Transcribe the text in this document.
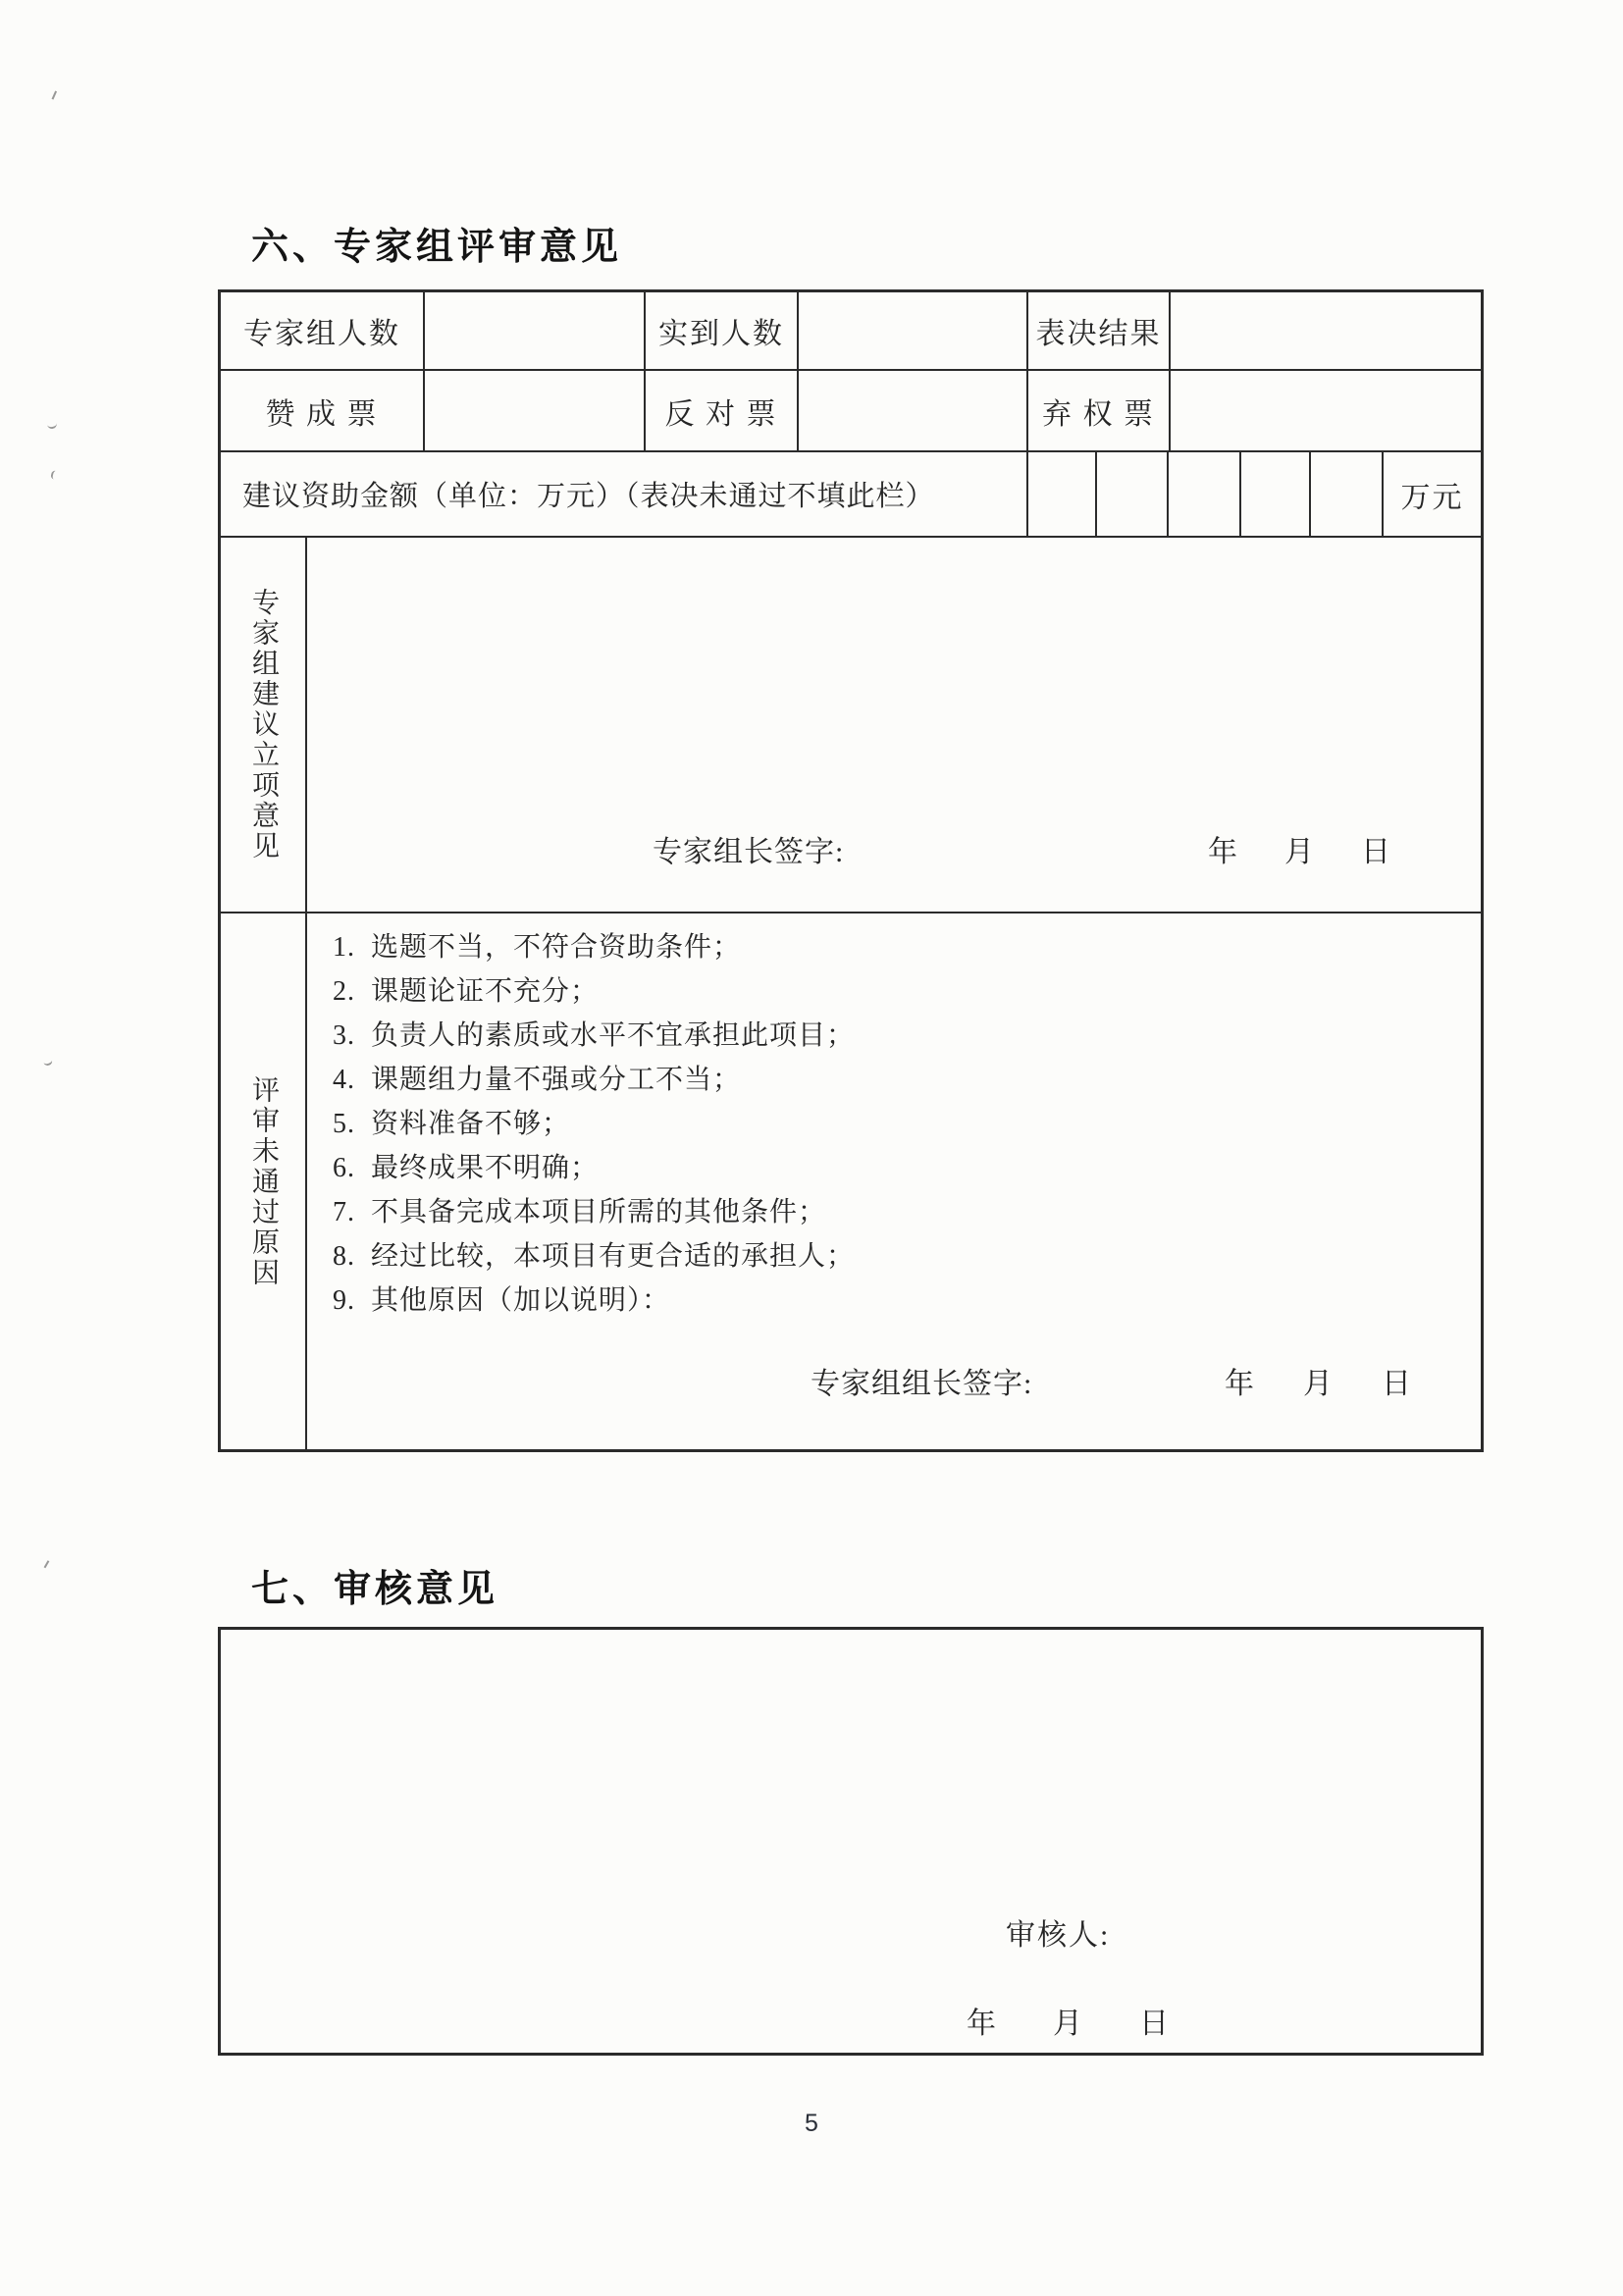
六、专家组评审意见
专家组人数	实到人数	表决结果
赞 成 票	反 对 票	弃 权 票
建议资助金额（单位：万元）（表决未通过不填此栏）	万元
专家组建议立项意见	专家组长签字:	年 月 日
评审未通过原因
1.  选题不当，不符合资助条件；
2.  课题论证不充分；
3.  负责人的素质或水平不宜承担此项目；
4.  课题组力量不强或分工不当；
5.  资料准备不够；
6.  最终成果不明确；
7.  不具备完成本项目所需的其他条件；
8.  经过比较，本项目有更合适的承担人；
9.  其他原因（加以说明）：
专家组组长签字:	年 月 日
七、审核意见
审核人:
年 月 日
5
